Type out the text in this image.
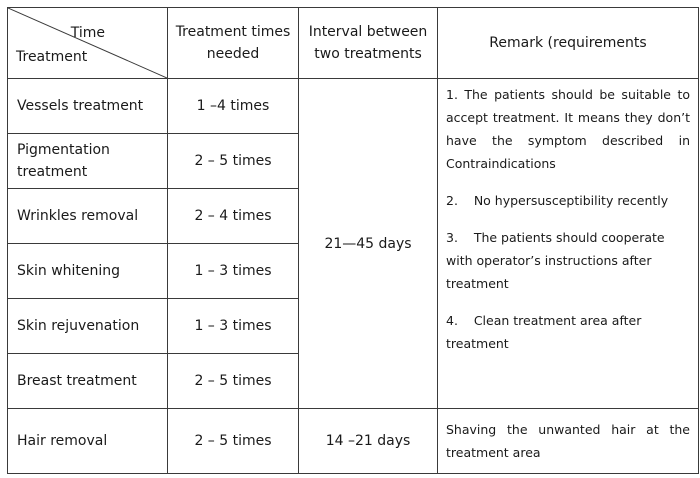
Time
Treatment	Treatment times needed	Interval between two treatments	Remark (requirements
Vessels treatment	1 –4 times	21—45 days	1. The patients should be suitable to accept treatment. It means they don’t have the symptom described in Contraindications

2.    No hypersusceptibility recently

3.    The patients should cooperate with operator’s instructions after treatment

4.    Clean treatment area after treatment

Pigmentation treatment	2 – 5 times		
Wrinkles removal	2 – 4 times		
Skin whitening	1 – 3 times		
Skin rejuvenation	1 – 3 times		
Breast treatment	2 – 5 times		
Hair removal	2 – 5 times	14 –21 days	Shaving the unwanted hair at the treatment area
